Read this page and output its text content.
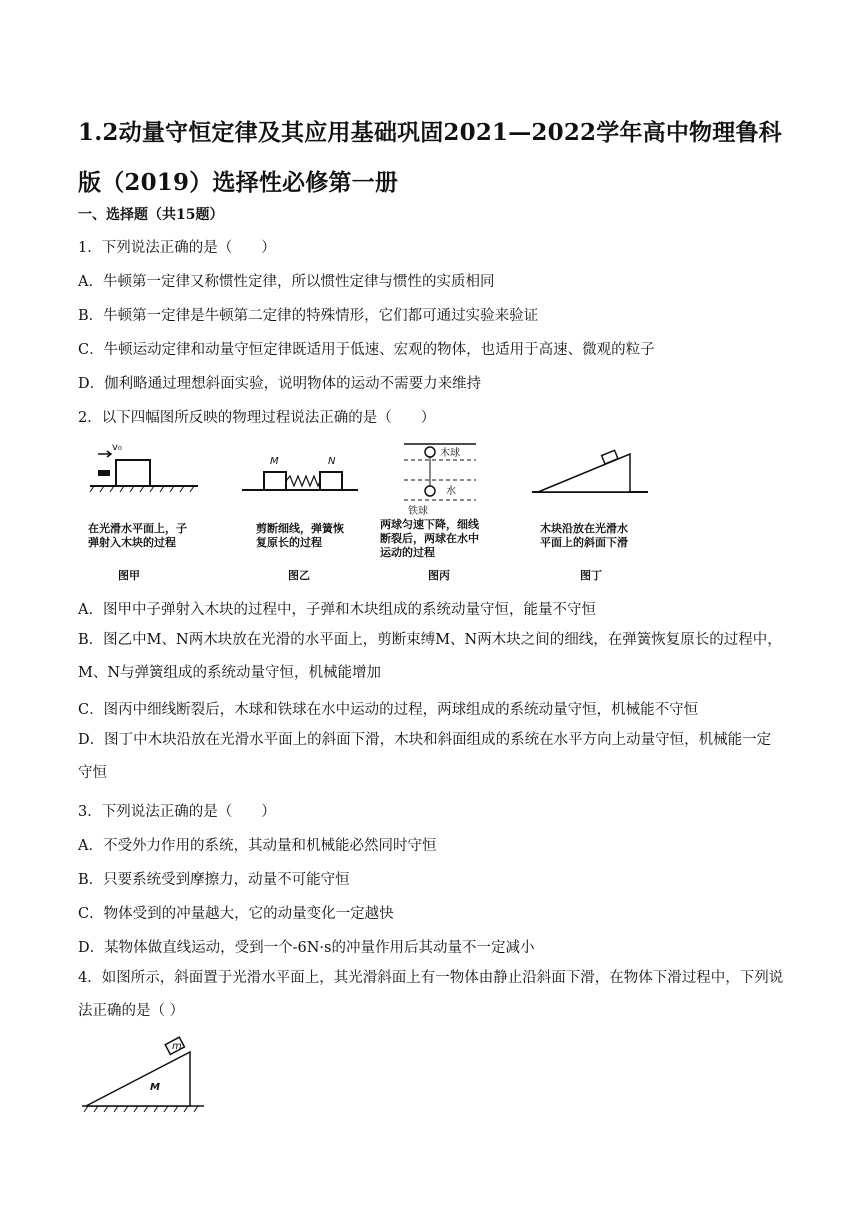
1.2动量守恒定律及其应用基础巩固2021—2022学年高中物理鲁科版（2019）选择性必修第一册
一、选择题（共15题）
1．下列说法正确的是（　　）
A．牛顿第一定律又称惯性定律，所以惯性定律与惯性的实质相同
B．牛顿第一定律是牛顿第二定律的特殊情形，它们都可通过实验来验证
C．牛顿运动定律和动量守恒定律既适用于低速、宏观的物体，也适用于高速、微观的粒子
D．伽利略通过理想斜面实验，说明物体的运动不需要力来维持
2．以下四幅图所反映的物理过程说法正确的是（　　）
v₀
在光滑水平面上，子
弹射入木块的过程
图甲
M	N
剪断细线，弹簧恢
复原长的过程
图乙
木球
水
铁球
两球匀速下降，细线
断裂后，两球在水中
运动的过程
图丙
木块沿放在光滑水
平面上的斜面下滑
图丁
A．图甲中子弹射入木块的过程中，子弹和木块组成的系统动量守恒，能量不守恒
B．图乙中M、N两木块放在光滑的水平面上，剪断束缚M、N两木块之间的细线，在弹簧恢复原长的过程中，M、N与弹簧组成的系统动量守恒，机械能增加
C．图丙中细线断裂后，木球和铁球在水中运动的过程，两球组成的系统动量守恒，机械能不守恒
D．图丁中木块沿放在光滑水平面上的斜面下滑，木块和斜面组成的系统在水平方向上动量守恒，机械能一定守恒
3．下列说法正确的是（　　）
A．不受外力作用的系统，其动量和机械能必然同时守恒
B．只要系统受到摩擦力，动量不可能守恒
C．物体受到的冲量越大，它的动量变化一定越快
D．某物体做直线运动，受到一个-6N·s的冲量作用后其动量不一定减小
4．如图所示，斜面置于光滑水平面上，其光滑斜面上有一物体由静止沿斜面下滑，在物体下滑过程中，下列说法正确的是（ ）
m
M
